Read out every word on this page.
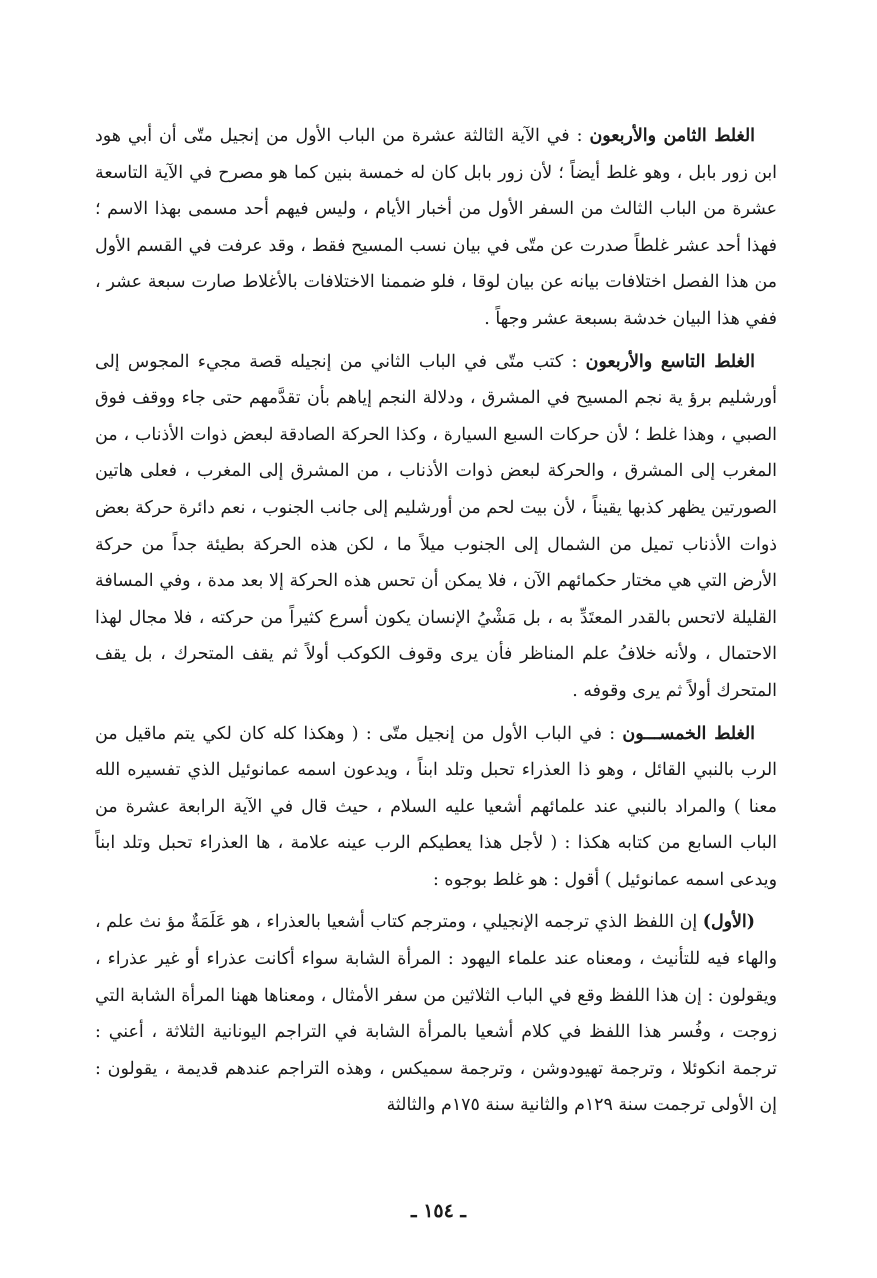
الغلط الثامن والأربعون : في الآية الثالثة عشرة من الباب الأول من إنجيل متّى أن أبي هود ابن زور بابل ، وهو غلط أيضاً ؛ لأن زور بابل كان له خمسة بنين كما هو مصرح في الآية التاسعة عشرة من الباب الثالث من السفر الأول من أخبار الأيام ، وليس فيهم أحد مسمى بهذا الاسم ؛ فهذا أحد عشر غلطاً صدرت عن متّى في بيان نسب المسيح فقط ، وقد عرفت في القسم الأول من هذا الفصل اختلافات بيانه عن بيان لوقا ، فلو ضممنا الاختلافات بالأغلاط صارت سبعة عشر ، ففي هذا البيان خدشة بسبعة عشر وجهاً .

الغلط التاسع والأربعون : كتب متّى في الباب الثاني من إنجيله قصة مجيء المجوس إلى أورشليم برؤ ية نجم المسيح في المشرق ، ودلالة النجم إياهم بأن تقدَّمهم حتى جاء ووقف فوق الصبي ، وهذا غلط ؛ لأن حركات السبع السيارة ، وكذا الحركة الصادقة لبعض ذوات الأذناب ، من المغرب إلى المشرق ، والحركة لبعض ذوات الأذناب ، من المشرق إلى المغرب ، فعلى هاتين الصورتين يظهر كذبها يقيناً ، لأن بيت لحم من أورشليم إلى جانب الجنوب ، نعم دائرة حركة بعض ذوات الأذناب تميل من الشمال إلى الجنوب ميلاً ما ، لكن هذه الحركة بطيئة جداً من حركة الأرض التي هي مختار حكمائهم الآن ، فلا يمكن أن تحس هذه الحركة إلا بعد مدة ، وفي المسافة القليلة لاتحس بالقدر المعتَدِّ به ، بل مَشْيُ الإنسان يكون أسرع كثيراً من حركته ، فلا مجال لهذا الاحتمال ، ولأنه خلافُ علم المناظر فأن يرى وقوف الكوكب أولاً ثم يقف المتحرك ، بل يقف المتحرك أولاً ثم يرى وقوفه .

الغلط الخمســـون : في الباب الأول من إنجيل متّى : ( وهكذا كله كان لكي يتم ماقيل من الرب بالنبي القائل ، وهو ذا العذراء تحبل وتلد ابناً ، ويدعون اسمه عمانوئيل الذي تفسيره الله معنا ) والمراد بالنبي عند علمائهم أشعيا عليه السلام ، حيث قال في الآية الرابعة عشرة من الباب السابع من كتابه هكذا : ( لأجل هذا يعطيكم الرب عينه علامة ، ها العذراء تحبل وتلد ابناً ويدعى اسمه عمانوئيل ) أقول : هو غلط بوجوه :

(الأول) إن اللفظ الذي ترجمه الإنجيلي ، ومترجم كتاب أشعيا بالعذراء ، هو عَلَمَةٌ مؤ نث علم ، والهاء فيه للتأنيث ، ومعناه عند علماء اليهود : المرأة الشابة سواء أكانت عذراء أو غير عذراء ، ويقولون : إن هذا اللفظ وقع في الباب الثلاثين من سفر الأمثال ، ومعناها ههنا المرأة الشابة التي زوجت ، وفُسر هذا اللفظ في كلام أشعيا بالمرأة الشابة في التراجم اليونانية الثلاثة ، أعني : ترجمة انكوئلا ، وترجمة تهيودوشن ، وترجمة سميكس ، وهذه التراجم عندهم قديمة ، يقولون : إن الأولى ترجمت سنة ١٢٩م والثانية سنة ١٧٥م والثالثة

ـ ١٥٤ ـ
